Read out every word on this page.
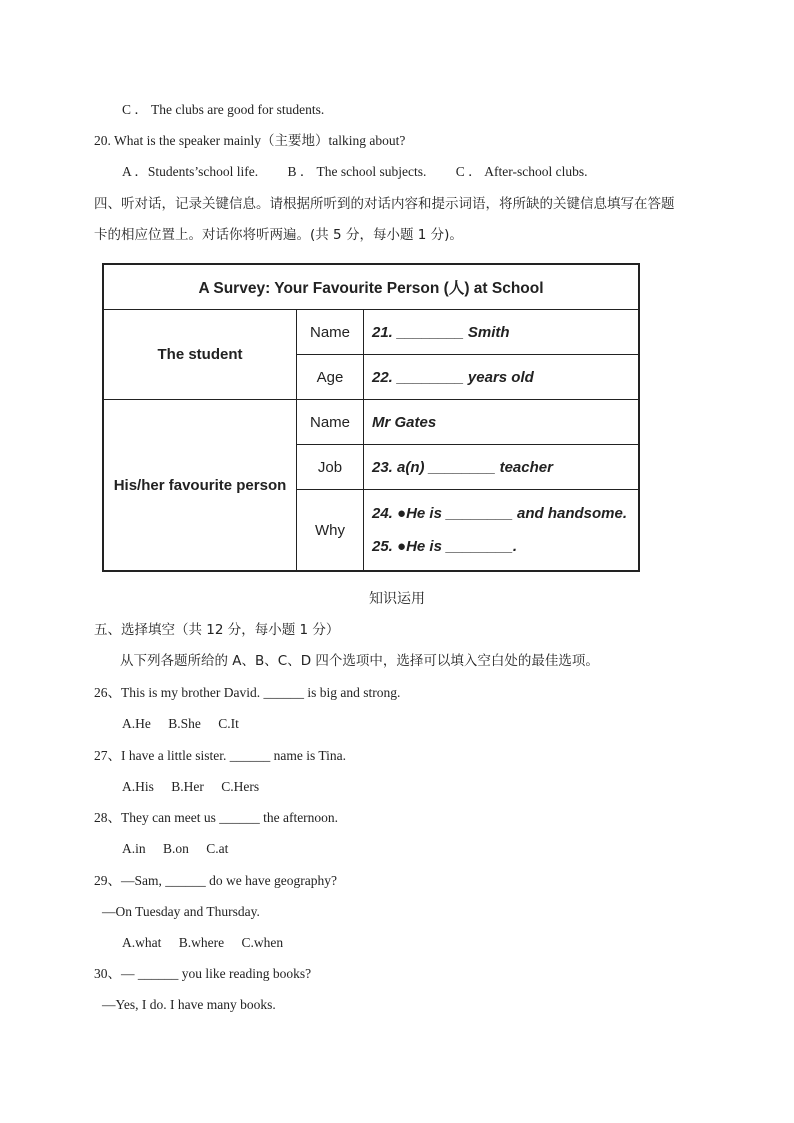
C ． The clubs are good for students.
20. What is the speaker mainly（主要地）talking about?
A ．Students’school life. B ． The school subjects. C ． After-school clubs.
四、听对话，记录关键信息。请根据所听到的对话内容和提示词语，将所缺的关键信息填写在答题
卡的相应位置上。对话你将听两遍。(共 5 分，每小题 1 分)。
A Survey: Your Favourite Person (人) at School		
The student	Name	21. ________ Smith
	Age	22. ________ years old
His/her favourite person	Name	Mr Gates
	Job	23. a(n) ________ teacher
	Why	24. ●He is ________ and handsome.
25. ●He is ________.
知识运用
五、选择填空（共 12 分，每小题 1 分）
从下列各题所给的 A、B、C、D 四个选项中，选择可以填入空白处的最佳选项。
26、This is my brother David. ______ is big and strong.
A.He B.She C.It
27、I have a little sister. ______ name is Tina.
A.His B.Her C.Hers
28、They can meet us ______ the afternoon.
A.in B.on C.at
29、—Sam, ______ do we have geography?
—On Tuesday and Thursday.
A.what B.where C.when
30、— ______ you like reading books?
—Yes, I do. I have many books.
